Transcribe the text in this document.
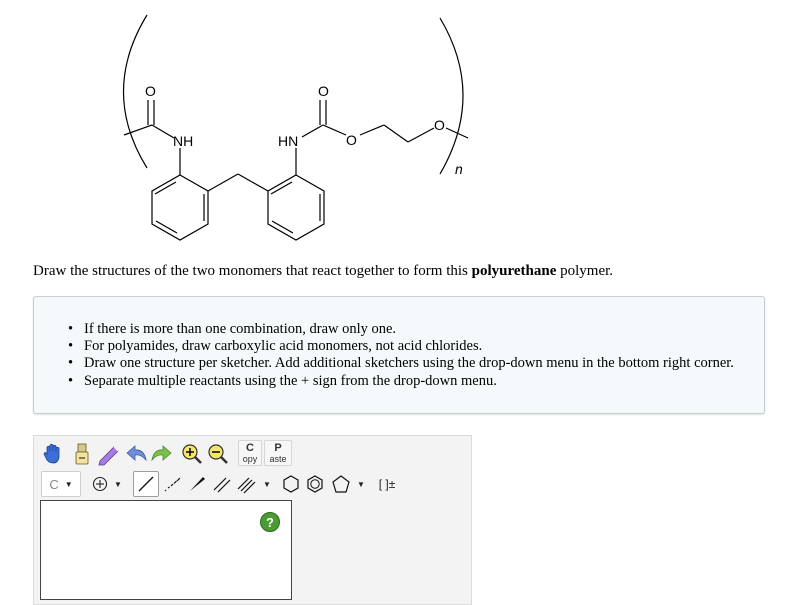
O
NH	HN
O
O
O
n
Draw the structures of the two monomers that react together to form this polyurethane polymer.
• If there is more than one combination, draw only one.
• For polyamides, draw carboxylic acid monomers, not acid chlorides.
• Draw one structure per sketcher. Add additional sketchers using the drop-down menu in the bottom right corner.
• Separate multiple reactants using the + sign from the drop-down menu.
C
opy
P
aste
C ▼	▼	▼	▼ [ ]±
?
